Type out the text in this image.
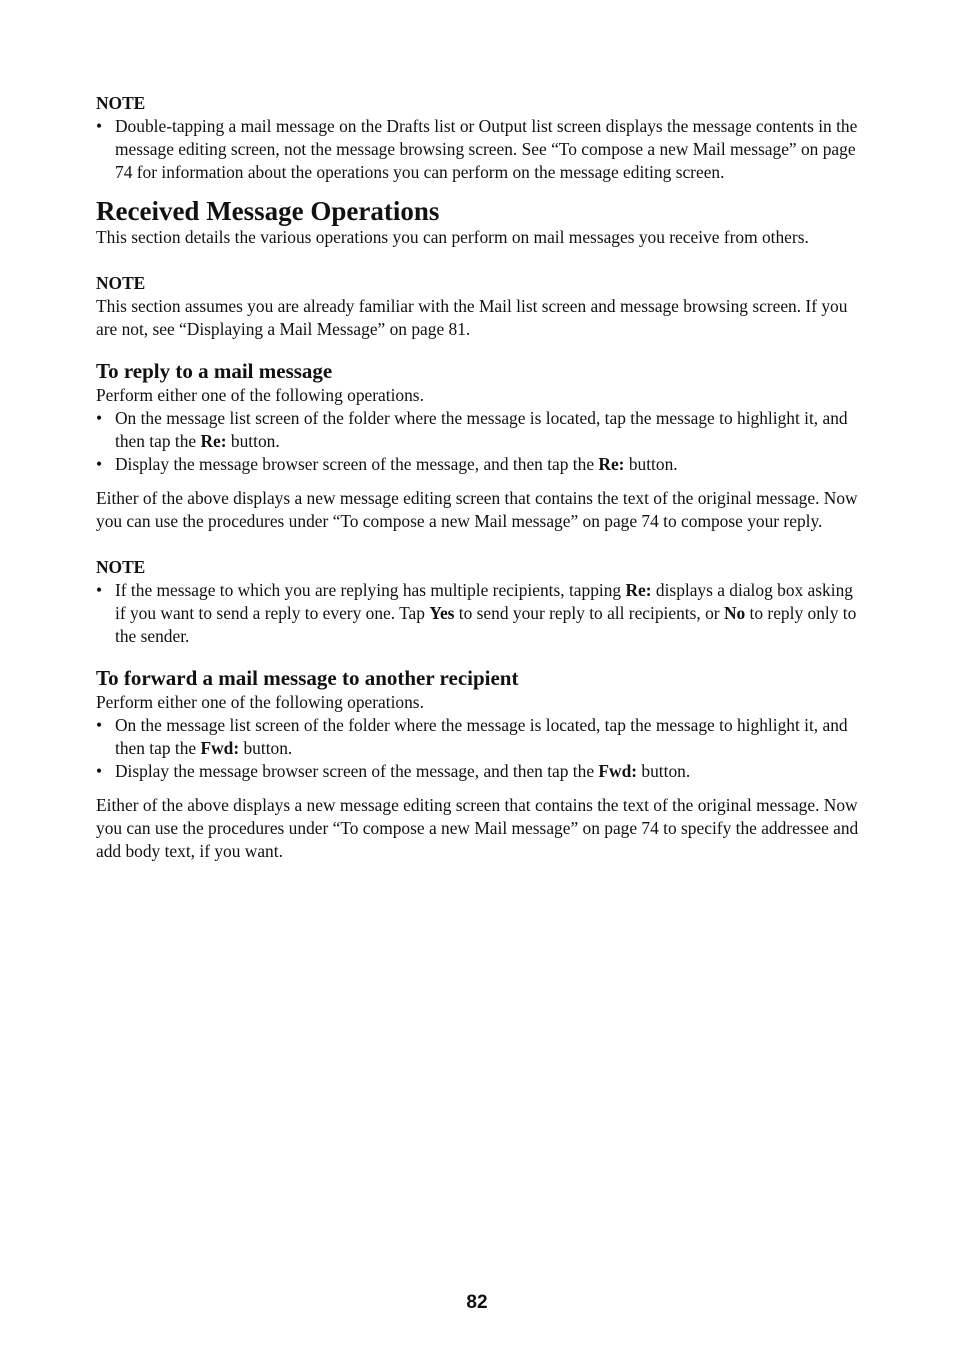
NOTE
• Double-tapping a mail message on the Drafts list or Output list screen displays the message contents in the message editing screen, not the message browsing screen. See “To compose a new Mail message” on page 74 for information about the operations you can perform on the message editing screen.
Received Message Operations

This section details the various operations you can perform on mail messages you receive from others.

NOTE

This section assumes you are already familiar with the Mail list screen and message browsing screen. If you are not, see “Displaying a Mail Message” on page 81.

To reply to a mail message

Perform either one of the following operations.

• On the message list screen of the folder where the message is located, tap the message to highlight it, and then tap the Re: button.
• Display the message browser screen of the message, and then tap the Re: button.

Either of the above displays a new message editing screen that contains the text of the original message. Now you can use the procedures under “To compose a new Mail message” on page 74 to compose your reply.

NOTE
• If the message to which you are replying has multiple recipients, tapping Re: displays a dialog box asking if you want to send a reply to every one. Tap Yes to send your reply to all recipients, or No to reply only to the sender.
To forward a mail message to another recipient

Perform either one of the following operations.

• On the message list screen of the folder where the message is located, tap the message to highlight it, and then tap the Fwd: button.
• Display the message browser screen of the message, and then tap the Fwd: button.

Either of the above displays a new message editing screen that contains the text of the original message. Now you can use the procedures under “To compose a new Mail message” on page 74 to specify the addressee and add body text, if you want.

82
